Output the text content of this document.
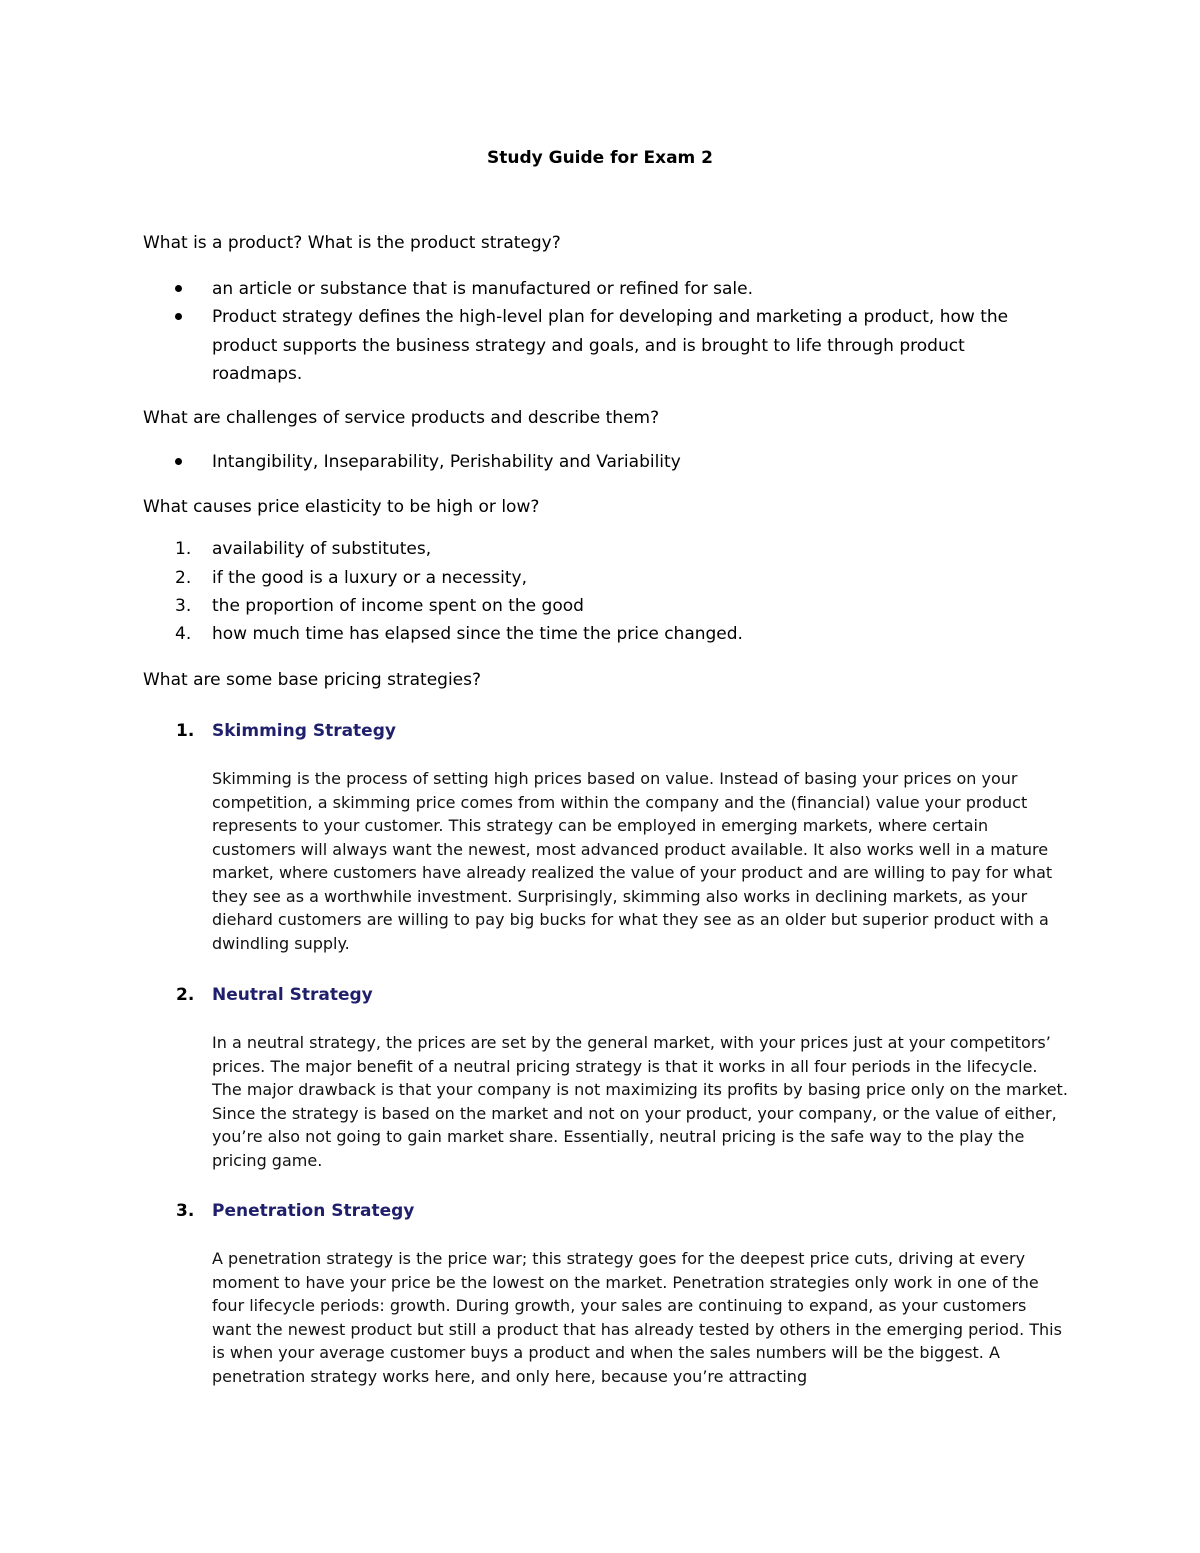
Study Guide for Exam 2
What is a product? What is the product strategy?
an article or substance that is manufactured or refined for sale.
Product strategy defines the high-level plan for developing and marketing a product, how the product supports the business strategy and goals, and is brought to life through product roadmaps.
What are challenges of service products and describe them?
Intangibility, Inseparability, Perishability and Variability
What causes price elasticity to be high or low?
1. availability of substitutes,
2. if the good is a luxury or a necessity,
3. the proportion of income spent on the good
4. how much time has elapsed since the time the price changed.
What are some base pricing strategies?
1. Skimming Strategy
Skimming is the process of setting high prices based on value. Instead of basing your prices on your competition, a skimming price comes from within the company and the (financial) value your product represents to your customer. This strategy can be employed in emerging markets, where certain customers will always want the newest, most advanced product available. It also works well in a mature market, where customers have already realized the value of your product and are willing to pay for what they see as a worthwhile investment. Surprisingly, skimming also works in declining markets, as your diehard customers are willing to pay big bucks for what they see as an older but superior product with a dwindling supply.
2. Neutral Strategy
In a neutral strategy, the prices are set by the general market, with your prices just at your competitors’ prices. The major benefit of a neutral pricing strategy is that it works in all four periods in the lifecycle. The major drawback is that your company is not maximizing its profits by basing price only on the market. Since the strategy is based on the market and not on your product, your company, or the value of either, you’re also not going to gain market share. Essentially, neutral pricing is the safe way to the play the pricing game.
3. Penetration Strategy
A penetration strategy is the price war; this strategy goes for the deepest price cuts, driving at every moment to have your price be the lowest on the market. Penetration strategies only work in one of the four lifecycle periods: growth. During growth, your sales are continuing to expand, as your customers want the newest product but still a product that has already tested by others in the emerging period. This is when your average customer buys a product and when the sales numbers will be the biggest. A penetration strategy works here, and only here, because you’re attracting
